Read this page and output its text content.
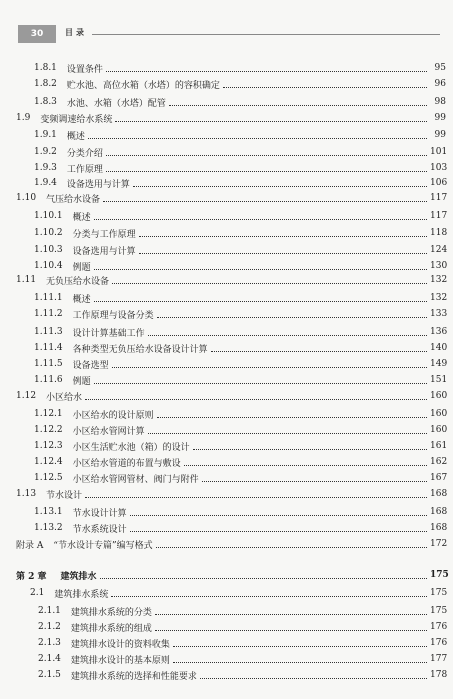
30	目录
1.8.1 设置条件	95
1.8.2 贮水池、高位水箱（水塔）的容积确定	96
1.8.3 水池、水箱（水塔）配管	98
1.9 变频调速给水系统	99
1.9.1 概述	99
1.9.2 分类介绍	101
1.9.3 工作原理	103
1.9.4 设备选用与计算	106
1.10 气压给水设备	117
1.10.1 概述	117
1.10.2 分类与工作原理	118
1.10.3 设备选用与计算	124
1.10.4 例题	130
1.11 无负压给水设备	132
1.11.1 概述	132
1.11.2 工作原理与设备分类	133
1.11.3 设计计算基础工作	136
1.11.4 各种类型无负压给水设备设计计算	140
1.11.5 设备选型	149
1.11.6 例题	151
1.12 小区给水	160
1.12.1 小区给水的设计原则	160
1.12.2 小区给水管网计算	160
1.12.3 小区生活贮水池（箱）的设计	161
1.12.4 小区给水管道的布置与敷设	162
1.12.5 小区给水管网管材、阀门与附件	167
1.13 节水设计	168
1.13.1 节水设计计算	168
1.13.2 节水系统设计	168
附录 A “节水设计专篇”编写格式	172
第 2 章 建筑排水	175
2.1 建筑排水系统	175
2.1.1 建筑排水系统的分类	175
2.1.2 建筑排水系统的组成	176
2.1.3 建筑排水设计的资料收集	176
2.1.4 建筑排水设计的基本原则	177
2.1.5 建筑排水系统的选择和性能要求	178
